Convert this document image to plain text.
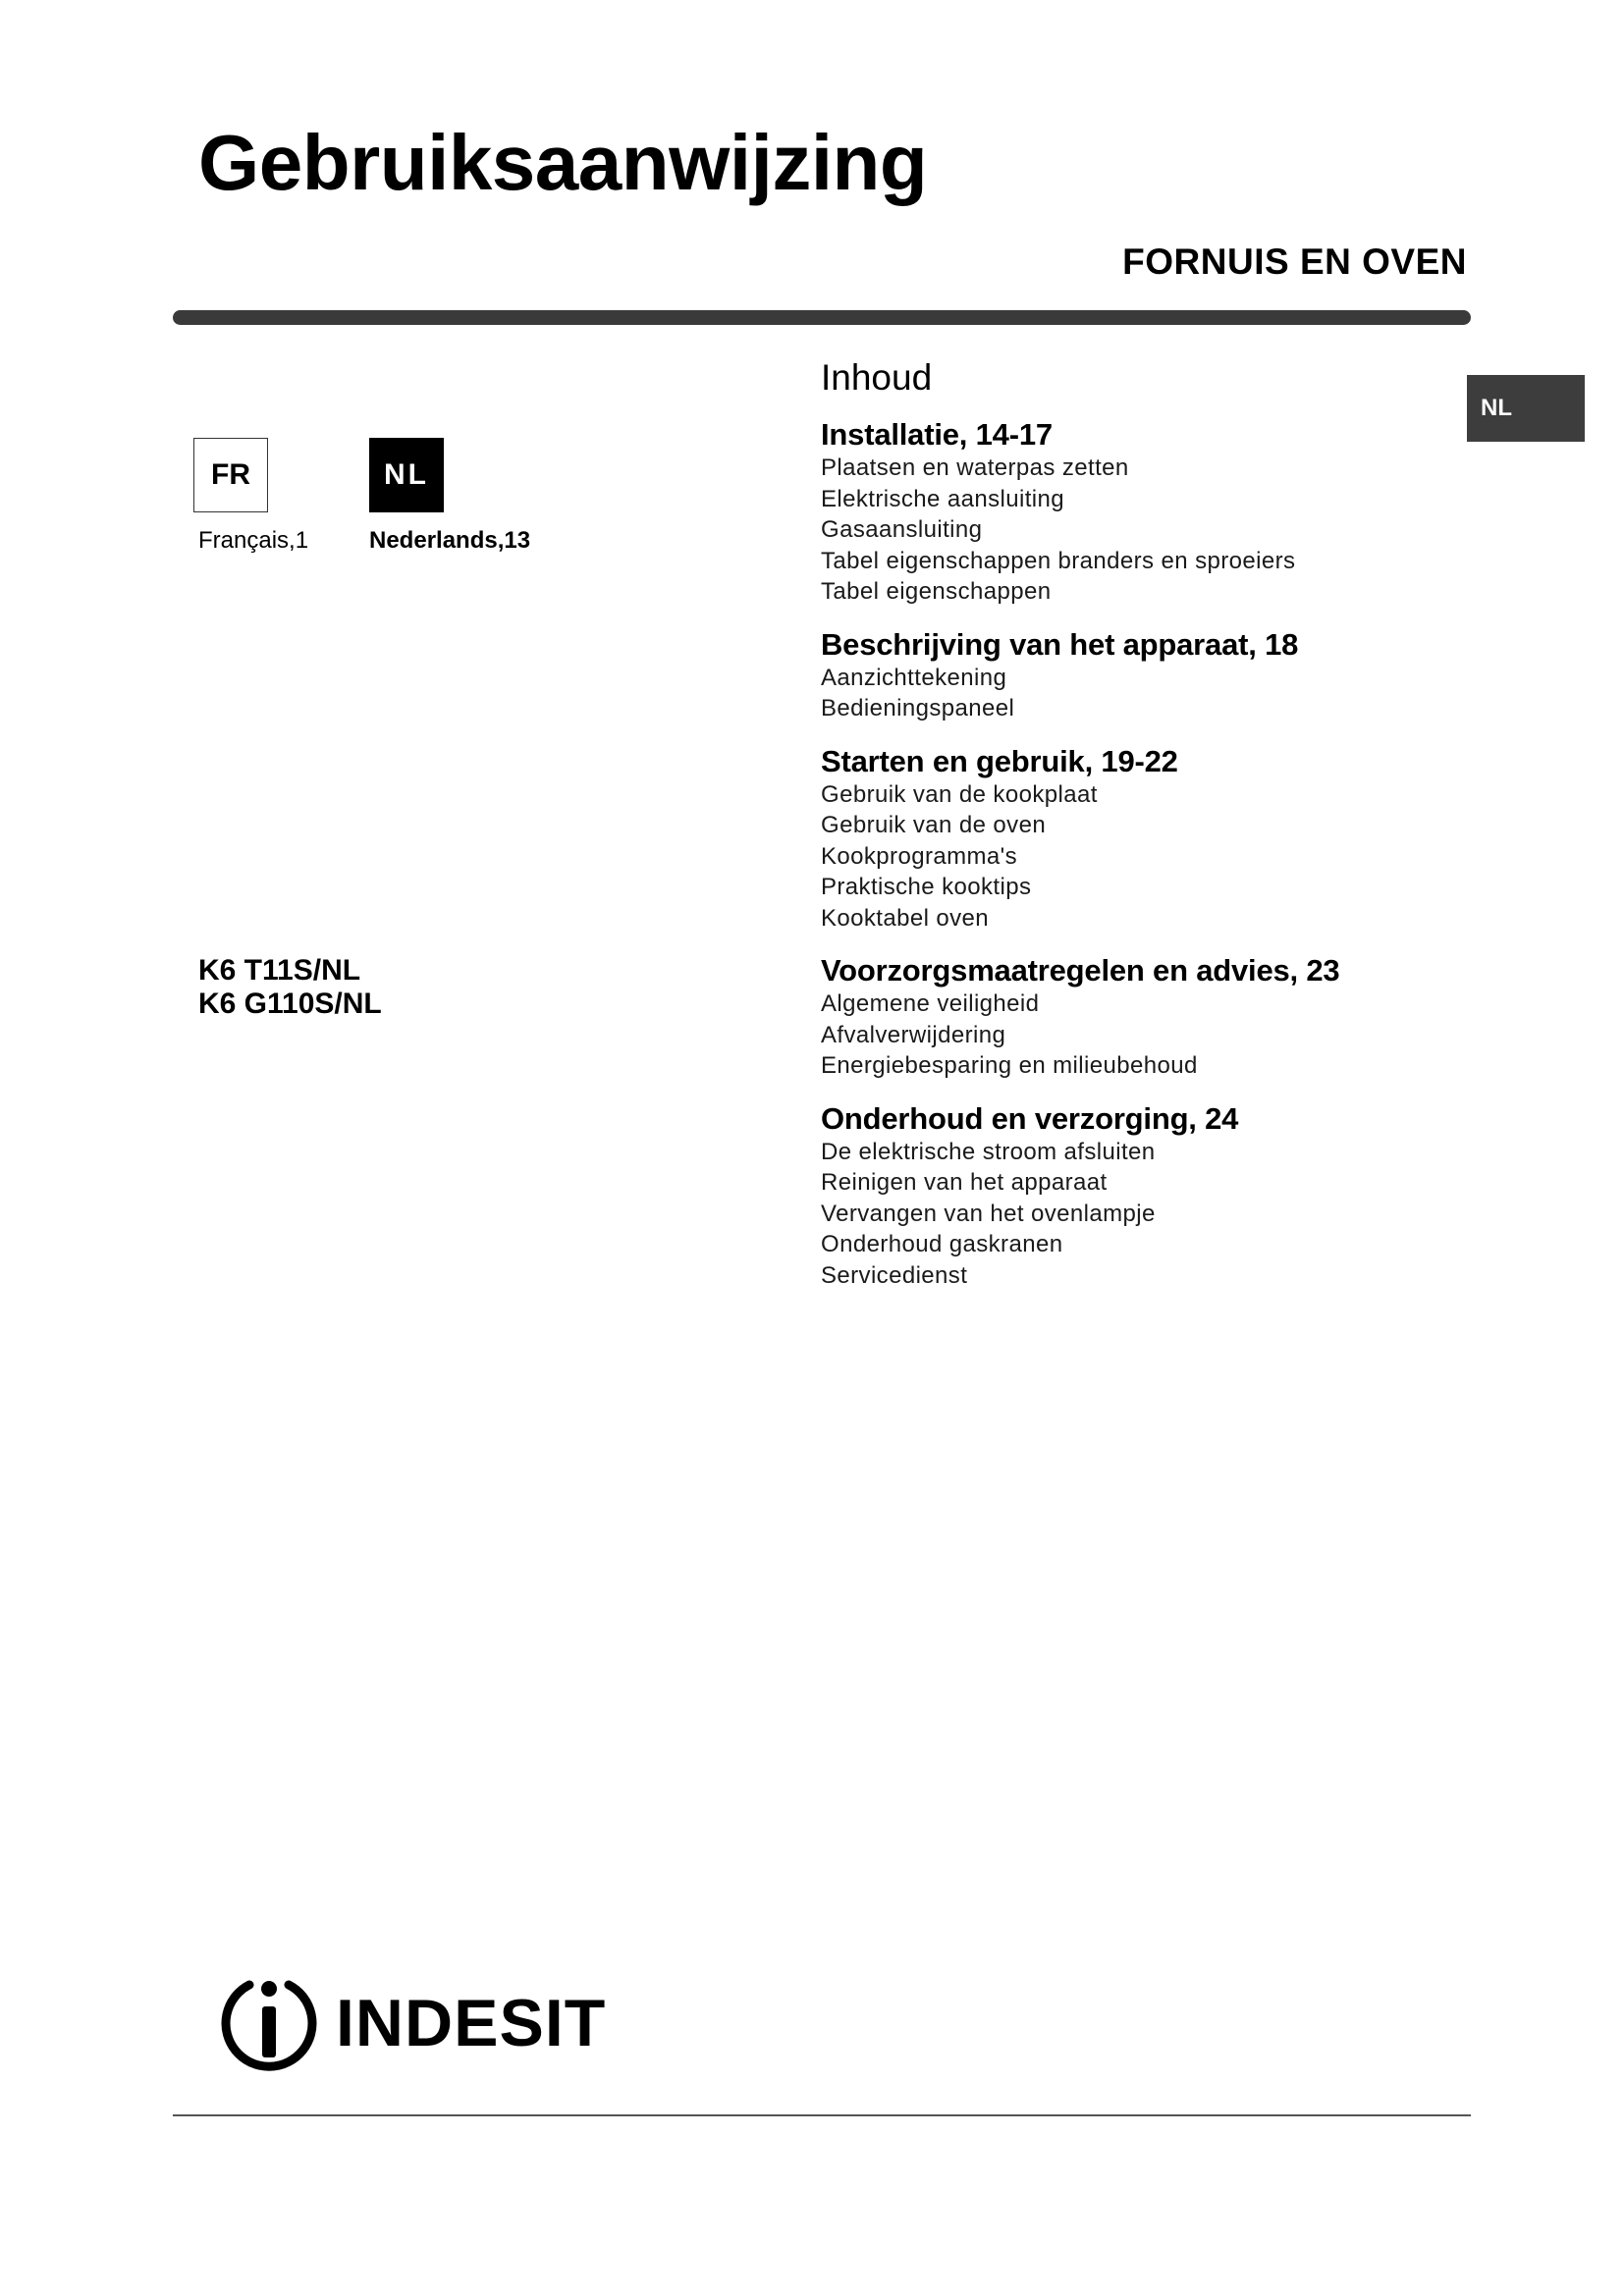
Gebruiksaanwijzing
FORNUIS EN OVEN
NL
FR	NL
Français,1	Nederlands,13
K6 T11S/NL
K6 G110S/NL
Inhoud
Installatie, 14-17
Plaatsen en waterpas zetten
Elektrische aansluiting
Gasaansluiting
Tabel eigenschappen branders en sproeiers
Tabel eigenschappen
Beschrijving van het apparaat, 18
Aanzichttekening
Bedieningspaneel
Starten en gebruik, 19-22
Gebruik van de kookplaat
Gebruik van de oven
Kookprogramma's
Praktische kooktips
Kooktabel oven
Voorzorgsmaatregelen en advies, 23
Algemene veiligheid
Afvalverwijdering
Energiebesparing en milieubehoud
Onderhoud en verzorging, 24
De elektrische stroom afsluiten
Reinigen van het apparaat
Vervangen van het ovenlampje
Onderhoud gaskranen
Servicedienst
INDESIT
